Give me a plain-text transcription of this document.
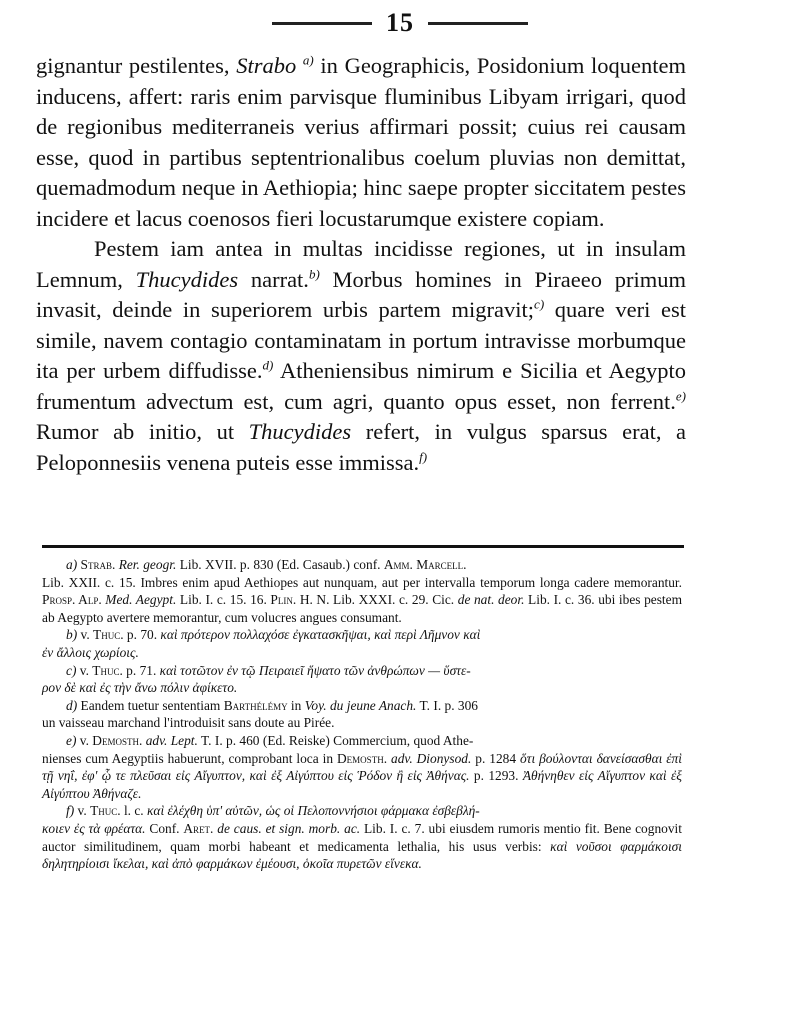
15

gignantur pestilentes, Strabo $^{a)}$ in Geographicis, Posidonium loquentem inducens, affert: raris enim parvisque fluminibus Libyam irrigari, quod de regionibus mediterraneis verius affirmari possit; cuius rei causam esse, quod in partibus septentrionalibus coelum pluvias non demittat, quemadmodum neque in Aethiopia; hinc saepe propter siccitatem pestes incidere et lacus coenosos fieri locustarumque existere copiam.

Pestem iam antea in multas incidisse regiones, ut in insulam Lemnum, Thucydides narrat.$^{b)}$ Morbus homines in Piraeeo primum invasit, deinde in superiorem urbis partem migravit;$^{c)}$ quare veri est simile, navem contagio contaminatam in portum intravisse morbumque ita per urbem diffudisse.$^{d)}$ Atheniensibus nimirum e Sicilia et Aegypto frumentum advectum est, cum agri, quanto opus esset, non ferrent.$^{e)}$ Rumor ab initio, ut Thucydides refert, in vulgus sparsus erat, a Peloponnesiis venena puteis esse immissa.$^{f)}$

a) Strab. Rer. geogr. Lib. XVII. p. 830 (Ed. Casaub.) conf. Amm. Marcell.
Lib. XXII. c. 15. Imbres enim apud Aethiopes aut nunquam, aut per intervalla temporum longa cadere memorantur. Prosp. Alp. Med. Aegypt. Lib. I. c. 15. 16. Plin. H. N. Lib. XXXI. c. 29. Cic. de nat. deor. Lib. I. c. 36. ubi ibes pestem ab Aegypto avertere memorantur, cum volucres angues consumant.

b) v. Thuc. p. 70. καὶ πρότερον πολλαχόσε ἐγκατασκῆψαι, καὶ περὶ Λῆμνον καὶ
ἐν ἄλλοις χωρίοις.

c) v. Thuc. p. 71. καὶ τοτῶτον ἐν τῷ Πειραιεῖ ἥψατο τῶν ἀνθρώπων — ὕστε-
ρον δὲ καὶ ἐς τὴν ἄνω πόλιν ἀφίκετο.

d) Eandem tuetur sententiam Barthélémy in Voy. du jeune Anach. T. I. p. 306
un vaisseau marchand l'introduisit sans doute au Pirée.

e) v. Demosth. adv. Lept. T. I. p. 460 (Ed. Reiske) Commercium, quod Athe-
nienses cum Aegyptiis habuerunt, comprobant loca in Demosth. adv. Dionysod. p. 1284 ὅτι βούλονται δανείσασθαι ἐπὶ τῇ νηΐ, ἐφ' ᾧ τε πλεῦσαι εἰς Αἴγυπτον, καὶ ἐξ Αἰγύπτου εἰς Ῥόδον ἢ εἰς Ἀθήνας. p. 1293. Ἀθήνηθεν εἰς Αἴγυπτον καὶ ἐξ Αἰγύπτου Ἀθήναζε.

f) v. Thuc. l. c. καὶ ἐλέχθη ὑπ' αὐτῶν, ὡς οἱ Πελοποννήσιοι φάρμακα ἐσβεβλή-
κοιεν ἐς τὰ φρέατα. Conf. Aret. de caus. et sign. morb. ac. Lib. I. c. 7. ubi eiusdem rumoris mentio fit. Bene cognovit auctor similitudinem, quam morbi habeant et medicamenta lethalia, his usus verbis: καὶ νοῦσοι φαρμάκοισι δηλητηρίοισι ἴκελαι, καὶ ἀπὸ φαρμάκων ἐμέουσι, ὁκοῖα πυρετῶν εἵνεκα.
